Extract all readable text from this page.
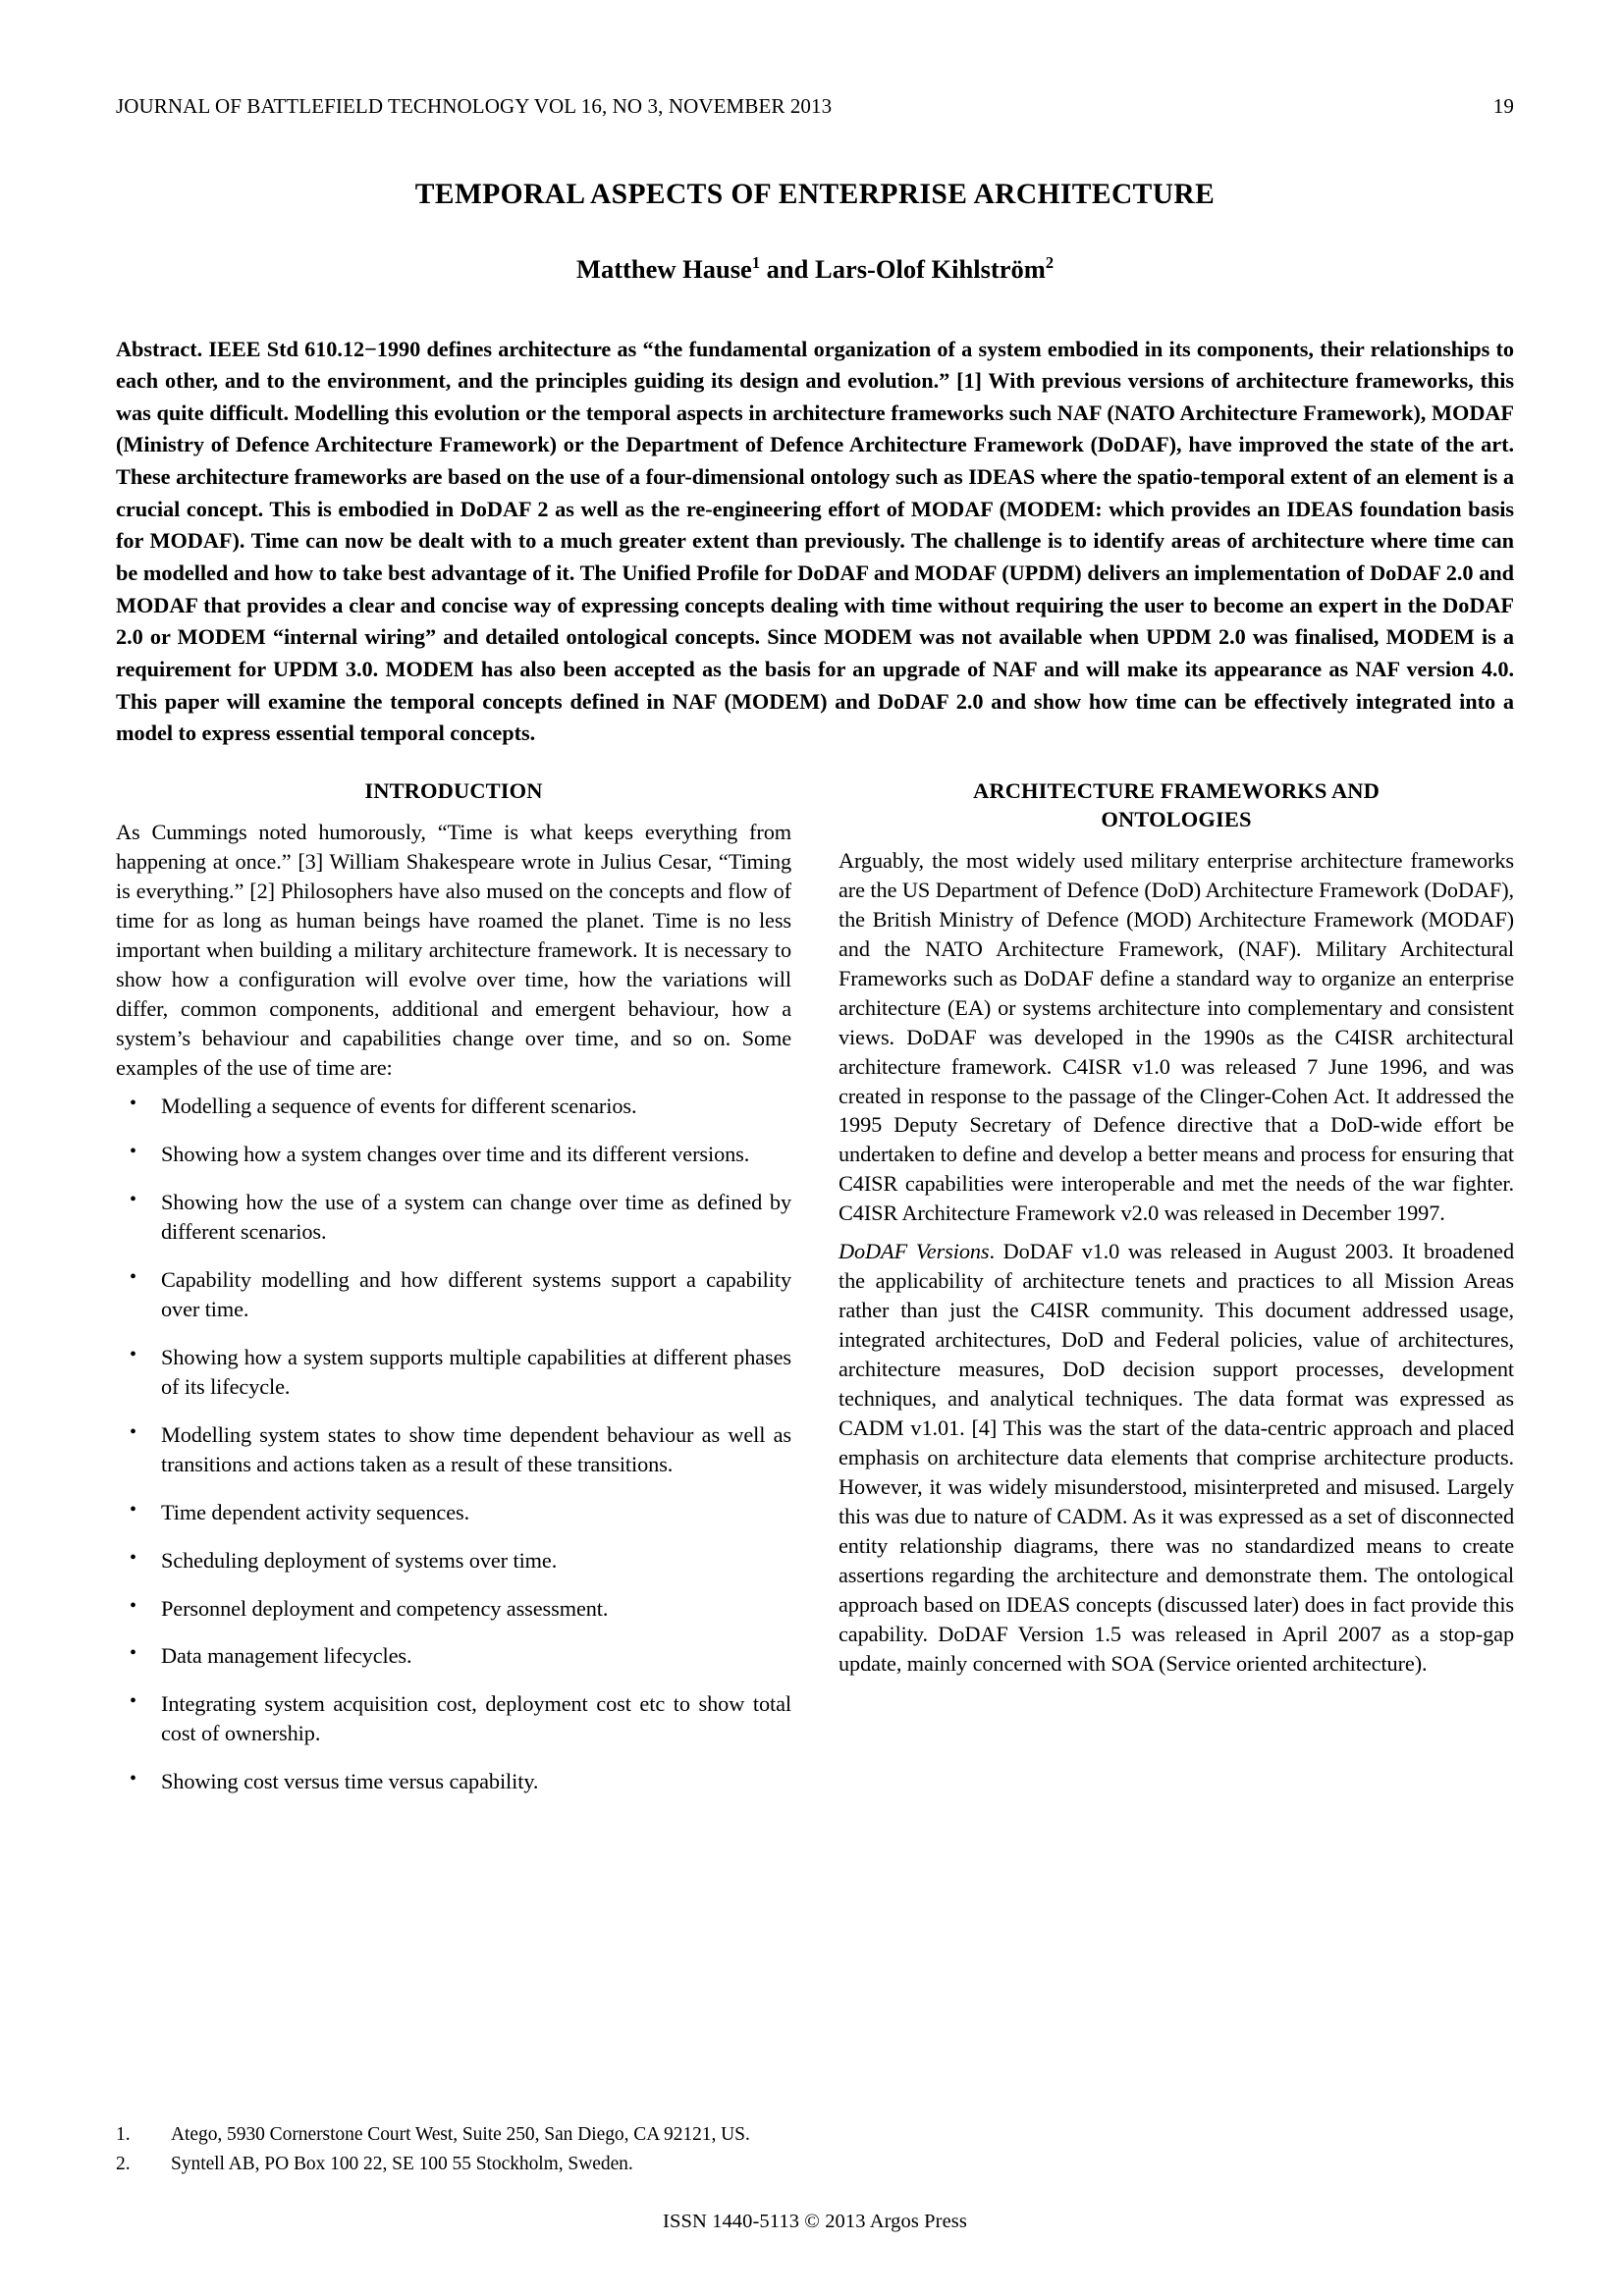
JOURNAL OF BATTLEFIELD TECHNOLOGY VOL 16, NO 3, NOVEMBER 2013	19
TEMPORAL ASPECTS OF ENTERPRISE ARCHITECTURE
Matthew Hause$^1$ and Lars-Olof Kihlström$^2$

Abstract. IEEE Std 610.12−1990 defines architecture as “the fundamental organization of a system embodied in its components, their relationships to each other, and to the environment, and the principles guiding its design and evolution.” [1] With previous versions of architecture frameworks, this was quite difficult. Modelling this evolution or the temporal aspects in architecture frameworks such NAF (NATO Architecture Framework), MODAF (Ministry of Defence Architecture Framework) or the Department of Defence Architecture Framework (DoDAF), have improved the state of the art. These architecture frameworks are based on the use of a four-dimensional ontology such as IDEAS where the spatio-temporal extent of an element is a crucial concept. This is embodied in DoDAF 2 as well as the re-engineering effort of MODAF (MODEM: which provides an IDEAS foundation basis for MODAF). Time can now be dealt with to a much greater extent than previously. The challenge is to identify areas of architecture where time can be modelled and how to take best advantage of it. The Unified Profile for DoDAF and MODAF (UPDM) delivers an implementation of DoDAF 2.0 and MODAF that provides a clear and concise way of expressing concepts dealing with time without requiring the user to become an expert in the DoDAF 2.0 or MODEM “internal wiring” and detailed ontological concepts. Since MODEM was not available when UPDM 2.0 was finalised, MODEM is a requirement for UPDM 3.0. MODEM has also been accepted as the basis for an upgrade of NAF and will make its appearance as NAF version 4.0. This paper will examine the temporal concepts defined in NAF (MODEM) and DoDAF 2.0 and show how time can be effectively integrated into a model to express essential temporal concepts.

INTRODUCTION

As Cummings noted humorously, “Time is what keeps everything from happening at once.” [3] William Shakespeare wrote in Julius Cesar, “Timing is everything.” [2] Philosophers have also mused on the concepts and flow of time for as long as human beings have roamed the planet. Time is no less important when building a military architecture framework. It is necessary to show how a configuration will evolve over time, how the variations will differ, common components, additional and emergent behaviour, how a system’s behaviour and capabilities change over time, and so on. Some examples of the use of time are:

• Modelling a sequence of events for different scenarios.
• Showing how a system changes over time and its different versions.
• Showing how the use of a system can change over time as defined by different scenarios.
• Capability modelling and how different systems support a capability over time.
• Showing how a system supports multiple capabilities at different phases of its lifecycle.
• Modelling system states to show time dependent behaviour as well as transitions and actions taken as a result of these transitions.
• Time dependent activity sequences.
• Scheduling deployment of systems over time.
• Personnel deployment and competency assessment.
• Data management lifecycles.
• Integrating system acquisition cost, deployment cost etc to show total cost of ownership.
• Showing cost versus time versus capability.
ARCHITECTURE FRAMEWORKS AND
ONTOLOGIES

Arguably, the most widely used military enterprise architecture frameworks are the US Department of Defence (DoD) Architecture Framework (DoDAF), the British Ministry of Defence (MOD) Architecture Framework (MODAF) and the NATO Architecture Framework, (NAF). Military Architectural Frameworks such as DoDAF define a standard way to organize an enterprise architecture (EA) or systems architecture into complementary and consistent views. DoDAF was developed in the 1990s as the C4ISR architectural architecture framework. C4ISR v1.0 was released 7 June 1996, and was created in response to the passage of the Clinger-Cohen Act. It addressed the 1995 Deputy Secretary of Defence directive that a DoD-wide effort be undertaken to define and develop a better means and process for ensuring that C4ISR capabilities were interoperable and met the needs of the war fighter. C4ISR Architecture Framework v2.0 was released in December 1997.

DoDAF Versions. DoDAF v1.0 was released in August 2003. It broadened the applicability of architecture tenets and practices to all Mission Areas rather than just the C4ISR community. This document addressed usage, integrated architectures, DoD and Federal policies, value of architectures, architecture measures, DoD decision support processes, development techniques, and analytical techniques. The data format was expressed as CADM v1.01. [4] This was the start of the data-centric approach and placed emphasis on architecture data elements that comprise architecture products. However, it was widely misunderstood, misinterpreted and misused. Largely this was due to nature of CADM. As it was expressed as a set of disconnected entity relationship diagrams, there was no standardized means to create assertions regarding the architecture and demonstrate them. The ontological approach based on IDEAS concepts (discussed later) does in fact provide this capability. DoDAF Version 1.5 was released in April 2007 as a stop-gap update, mainly concerned with SOA (Service oriented architecture).

1.	Atego, 5930 Cornerstone Court West, Suite 250, San Diego, CA 92121, US.
2.	Syntell AB, PO Box 100 22, SE 100 55 Stockholm, Sweden.
ISSN 1440-5113 © 2013 Argos Press
